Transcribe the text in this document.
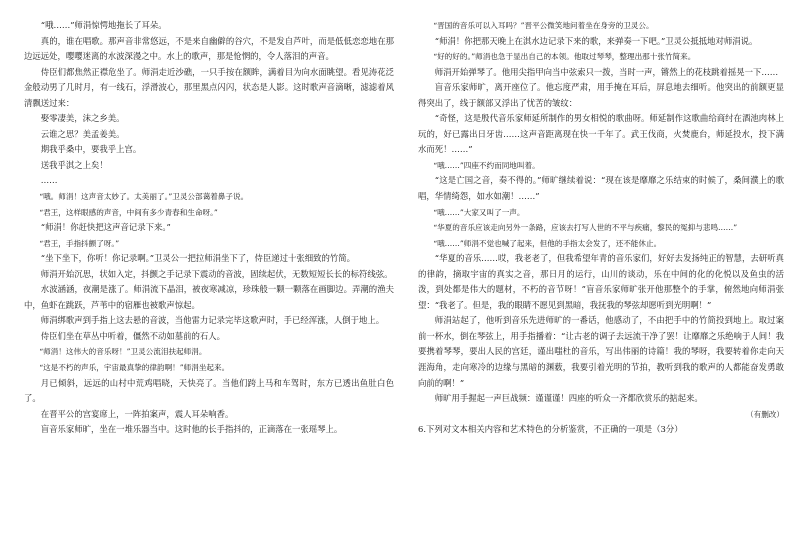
“哦……”师涓惊愕地拖长了耳朵。

真的，谁在唱歌。那声音非常悠远，不是来自幽僻的谷穴，不是发自芦叶，而是低低恋恋地在那边远远处，嘤嘤迷离的水波深漫之中。水上的歌声，那是怆惘的，令人落泪的声音。

侍臣们都焦然正襟危坐了。师涓走近沙礁，一只手按在额眸，满着目为向水面眺望。看见涛花泛金般动男了几时月，有一线石，浮滑波心，那里黑点闪闪，状态是人影。这时歌声音滴晰，滤滤着风清飘送过来：

娶零凄美，沫之乡美。

云谁之思？美孟姜美。

期我乎桑中，要我乎上宫。

送我乎淇之上矣！

……

“哦。师涓！这声音太妙了。太美丽了。”卫灵公部蔼着鼻子说。

“君王，这样眼感的声音，中间有多少青春和生命呀。”

“师涓！你赶快把这声音记录下来。”

“君王，手指抖颤了呀。”

“坐下坐下，你听！你记录啊。”卫灵公一把拉师涓坐下了，侍臣递过十张细致的竹简。

师涓开始沉思，状如入定，抖颤之手记录下震动的音波，固续起伏，无数短短长长的标符线弦。

水波涵涵，夜潮是涨了。师涓流下晶泪，被夜寒减凉，珍珠般一颗一颗落在画脚边。弄潮的渔夫中，鱼虾在跳跃，芦苇中的宿雁也被歌声惊起。

师涓绑歌声到手指上这去悬的音波，当他雷力记录完毕这歌声时，手已经浑涨，人倒于地上。

侍臣们坐在草丛中听着，僵然不动如墓前的石人。

“师涓！这伟大的音乐呀！”卫灵公流泪扶起师涓。

“这是不朽的声乐，宇宙最真挚的律韵啊！”师涓坐起来。

月已倾斜，远远的山村中荒鸡唱晓，天快亮了。当他们跨上马和车驾时，东方已透出鱼肚白色了。

在晋平公的宫宴席上，一阵拍案声，震人耳朵响香。

盲音乐家师旷，坐在一堆乐器当中。这时他的长手指抖的，正滴落在一张瑶琴上。

“晋国的音乐可以入耳吗？”晋平公微笑地问着坐在身旁的卫灵公。

“师涓！你把那天晚上在淇水边记录下来的歌，来弹奏一下吧。”卫灵公抵抵地对师涓说。

“好的好的。”师涓也急于显出自己的本领。他取过琴琴，整理出那十张竹简来。

师涓开始弹琴了。他用尖指甲向当中弦索只一拨，当时一声，锵然上的花枝跳着摇晃一下……

盲音乐家师旷，离开座位了。他忘度严肃，用手掩在耳后，屏息地去细听。他突出的前额更显得突出了，线于额部又浮出了忧苦的皱纹：

“奇怪，这是殷代音乐家师延所制作的男女相悦的歌曲呀。师延制作这歌曲给商纣在酒池肉林上玩的，好已露出日牙齿……这声音距离现在快一千年了。武王伐商，火焚鹿台，师延投水，投下满水而死！……”

“哦……”四座不约而同地叫着。

“这是亡国之音，奏不得的。”师旷继续着说：“现在该是靡靡之乐结束的时候了，桑间濮上的歌唱，华情绮怨，如水如潮！……”

“哦……”大家又叫了一声。

“华夏的音乐应该走向另外一条路，应该去打写人世的不平与疾痛，黎民的冤抑与悲鸣……”

“哦……”师涓不觉也喊了起来，但他的手指太会发了，还不能休止。

“华夏的音乐……哎，我老老了，但我希望年青的音乐家们，好好去发扬纯正的智慧，去研听真的律韵，摘取宇宙的真实之音，那日月的运行，山川的谈动，乐在中间的化的化悦以及鱼虫的活泼，到处都是伟大的题材，不朽的音节呀！”盲音乐家师旷张开他那整个的手掌，俯然地向师涓张望：“我老了。但是，我的眼睛不愿见到黑暗，我抚我的琴弦却愿听到光明啊！”

师涓站起了，他听到音乐先进师旷的一番话，他感动了，不由把手中的竹简投到地上。取过案前一杯水，倒在琴弦上，用手指播着：“让古老的调子去远流干净了罢！让靡靡之乐绝响于人间！我要携着琴琴，要出人民的宫廷，谨出嗤杜的音乐，写出伟丽的诗篇！我的琴呀，我要转着你走向天涯海角，走向寒冷的边缘与黑暗的渊薮，我要引着光明的节拍，教听到我的歌声的人都能奋发勇敢向前的啊！”

师旷用手握起一声巨战频：谨谨谨！四座的听众一齐都欣赏乐的掂起来。

（有删改）

6.下列对文本相关内容和艺术特色的分析鉴赏，不正确的一项是（3分）
